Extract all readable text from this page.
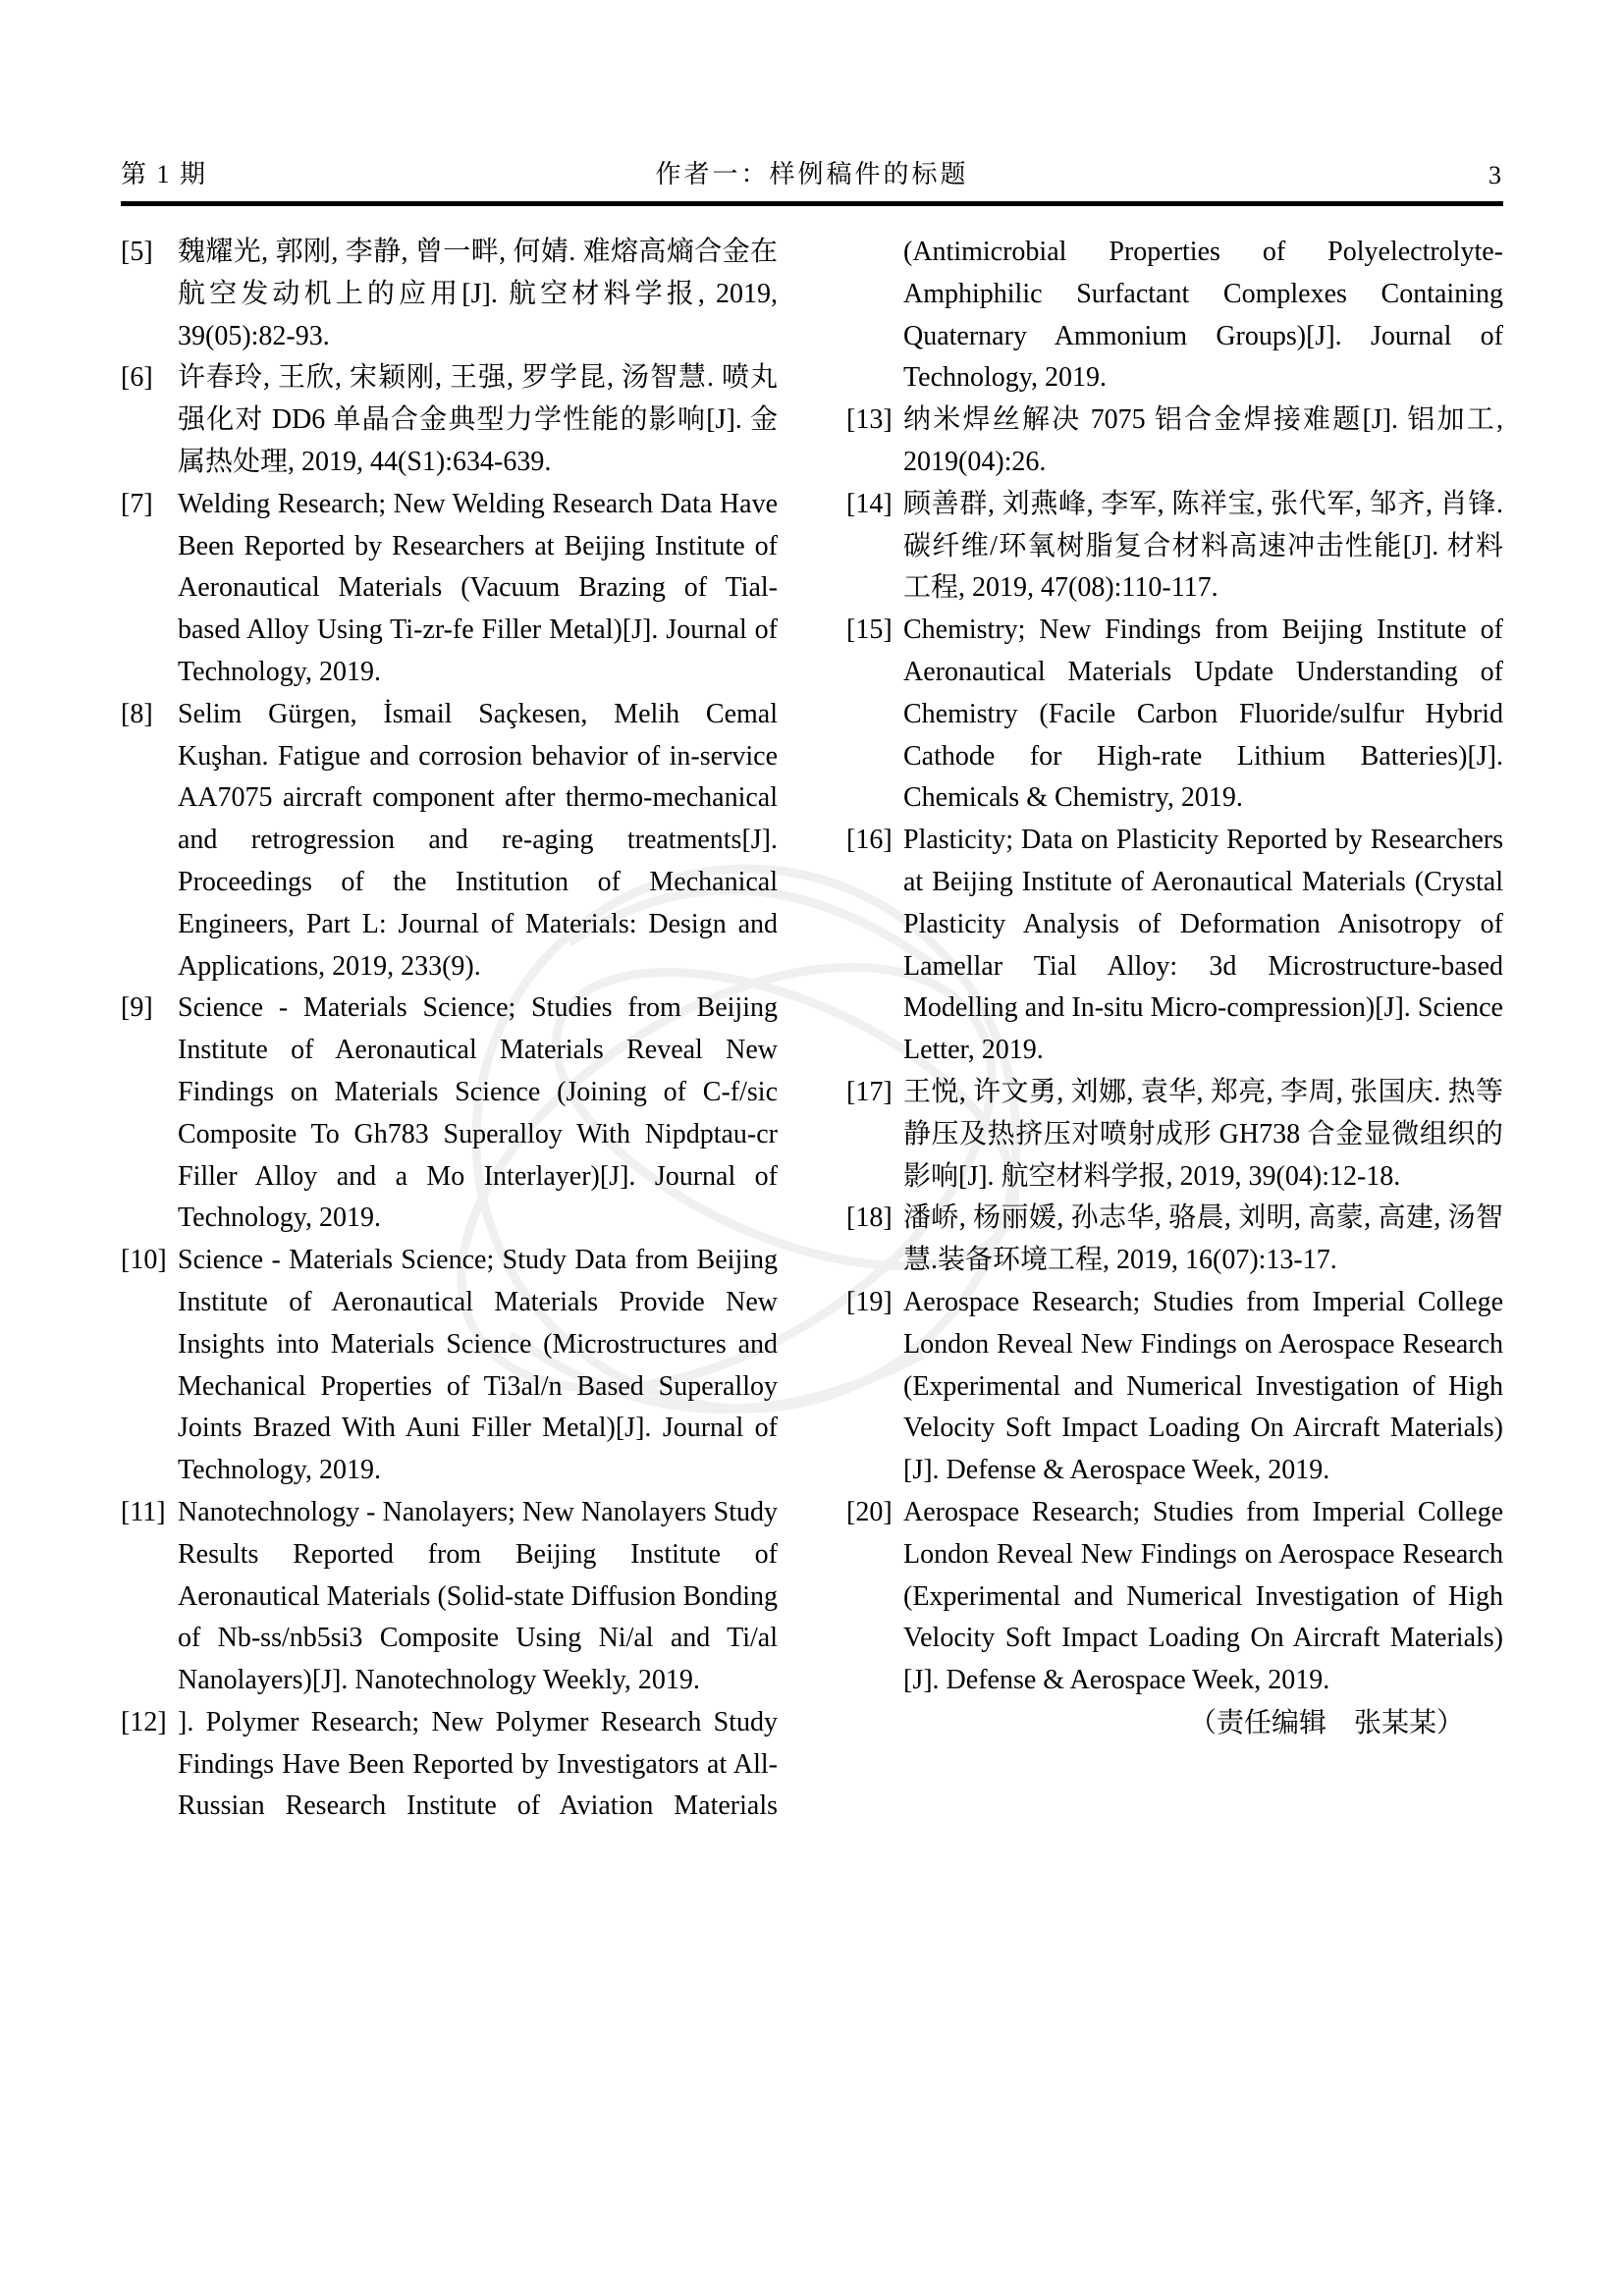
第 1 期	作者一：样例稿件的标题	3
[5] 魏耀光, 郭刚, 李静, 曾一畔, 何婧. 难熔高熵合金在航空发动机上的应用[J]. 航空材料学报, 2019, 39(05):82-93.
[6] 许春玲, 王欣, 宋颖刚, 王强, 罗学昆, 汤智慧. 喷丸强化对 DD6 单晶合金典型力学性能的影响[J]. 金属热处理, 2019, 44(S1):634-639.
[7] Welding Research; New Welding Research Data Have Been Reported by Researchers at Beijing Institute of Aeronautical Materials (Vacuum Brazing of Tial-based Alloy Using Ti-zr-fe Filler Metal)[J]. Journal of Technology, 2019.
[8] Selim Gürgen, İsmail Saçkesen, Melih Cemal Kuşhan. Fatigue and corrosion behavior of in-service AA7075 aircraft component after thermo-mechanical and retrogression and re-aging treatments[J]. Proceedings of the Institution of Mechanical Engineers, Part L: Journal of Materials: Design and Applications, 2019, 233(9).
[9] Science - Materials Science; Studies from Beijing Institute of Aeronautical Materials Reveal New Findings on Materials Science (Joining of C-f/sic Composite To Gh783 Superalloy With Nipdptau-cr Filler Alloy and a Mo Interlayer)[J]. Journal of Technology, 2019.
[10] Science - Materials Science; Study Data from Beijing Institute of Aeronautical Materials Provide New Insights into Materials Science (Microstructures and Mechanical Properties of Ti3al/n Based Superalloy Joints Brazed With Auni Filler Metal)[J]. Journal of Technology, 2019.
[11] Nanotechnology - Nanolayers; New Nanolayers Study Results Reported from Beijing Institute of Aeronautical Materials (Solid-state Diffusion Bonding of Nb-ss/nb5si3 Composite Using Ni/al and Ti/al Nanolayers)[J]. Nanotechnology Weekly, 2019.
[12] ]. Polymer Research; New Polymer Research Study Findings Have Been Reported by Investigators at All-Russian Research Institute of Aviation Materials
(Antimicrobial Properties of Polyelectrolyte-Amphiphilic Surfactant Complexes Containing Quaternary Ammonium Groups)[J]. Journal of Technology, 2019.
[13] 纳米焊丝解决 7075 铝合金焊接难题[J]. 铝加工, 2019(04):26.
[14] 顾善群, 刘燕峰, 李军, 陈祥宝, 张代军, 邹齐, 肖锋. 碳纤维/环氧树脂复合材料高速冲击性能[J]. 材料工程, 2019, 47(08):110-117.
[15] Chemistry; New Findings from Beijing Institute of Aeronautical Materials Update Understanding of Chemistry (Facile Carbon Fluoride/sulfur Hybrid Cathode for High-rate Lithium Batteries)[J]. Chemicals & Chemistry, 2019.
[16] Plasticity; Data on Plasticity Reported by Researchers at Beijing Institute of Aeronautical Materials (Crystal Plasticity Analysis of Deformation Anisotropy of Lamellar Tial Alloy: 3d Microstructure-based Modelling and In-situ Micro-compression)[J]. Science Letter, 2019.
[17] 王悦, 许文勇, 刘娜, 袁华, 郑亮, 李周, 张国庆. 热等静压及热挤压对喷射成形 GH738 合金显微组织的影响[J]. 航空材料学报, 2019, 39(04):12-18.
[18] 潘峤, 杨丽媛, 孙志华, 骆晨, 刘明, 高蒙, 高建, 汤智慧.装备环境工程, 2019, 16(07):13-17.
[19] Aerospace Research; Studies from Imperial College London Reveal New Findings on Aerospace Research (Experimental and Numerical Investigation of High Velocity Soft Impact Loading On Aircraft Materials)[J]. Defense & Aerospace Week, 2019.
[20] Aerospace Research; Studies from Imperial College London Reveal New Findings on Aerospace Research (Experimental and Numerical Investigation of High Velocity Soft Impact Loading On Aircraft Materials)[J]. Defense & Aerospace Week, 2019.
（责任编辑　张某某）
